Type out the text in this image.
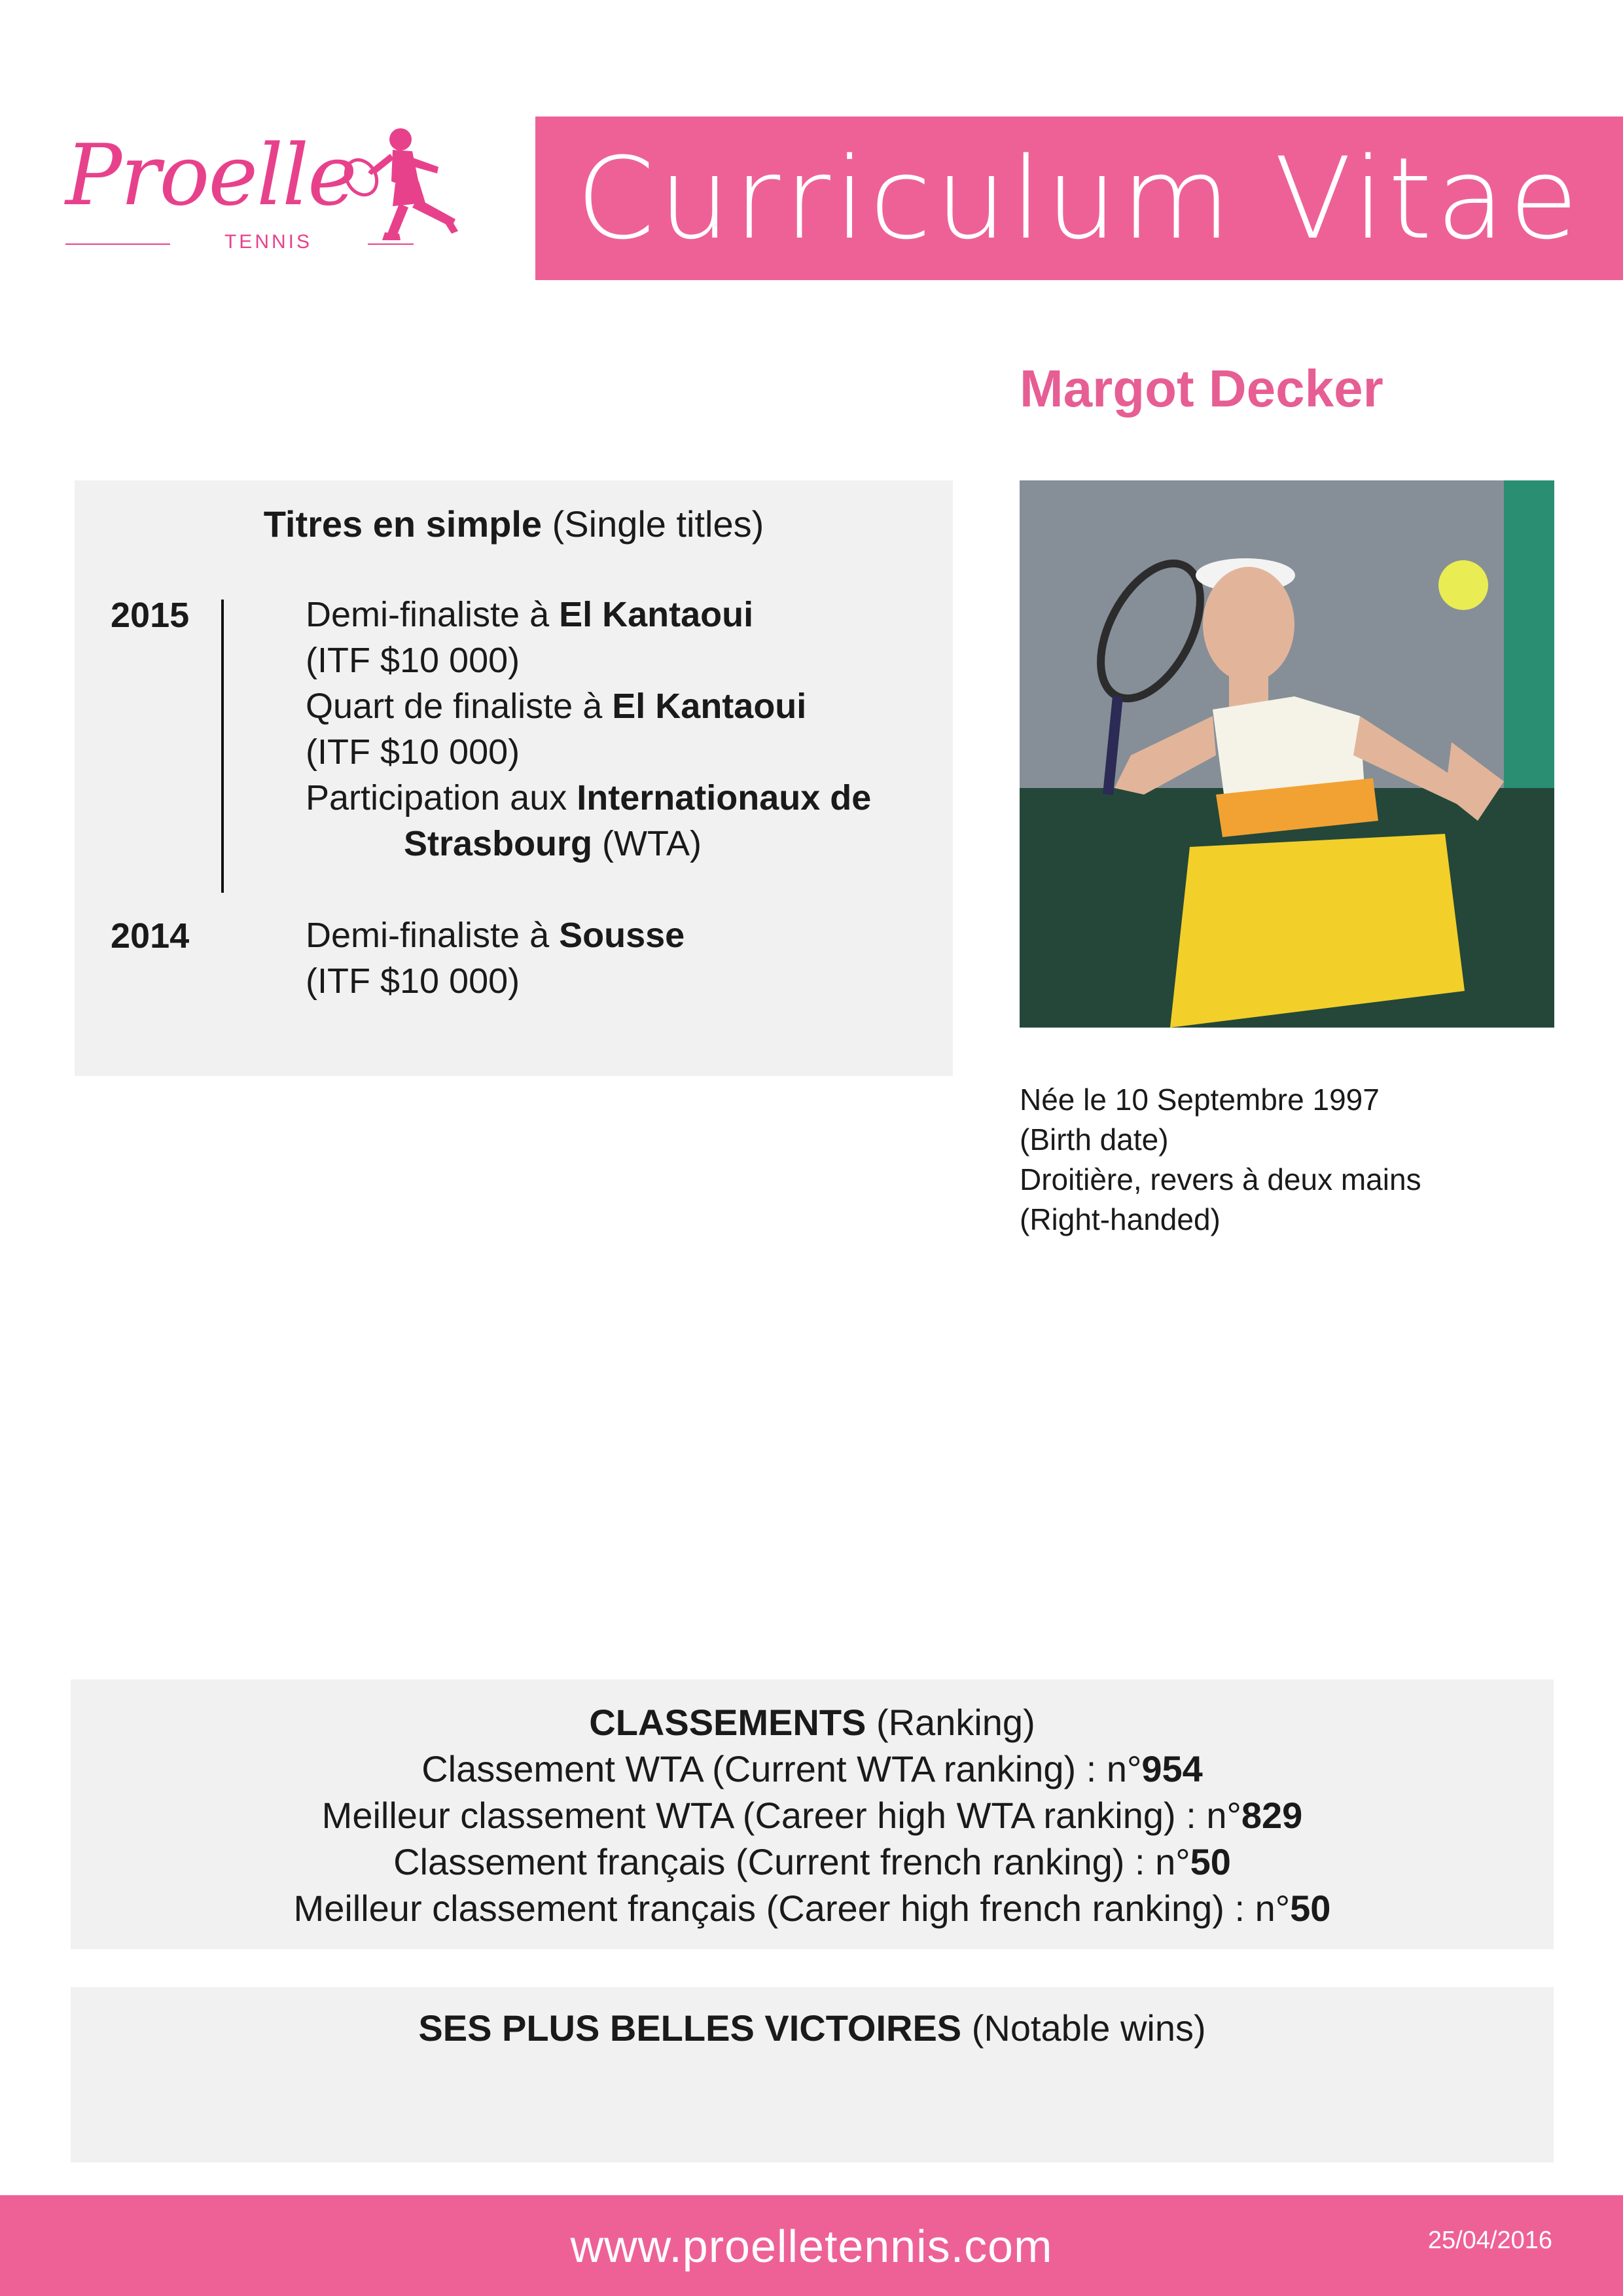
Proelle
TENNIS	Curriculum Vitae
Margot Decker
Titres en simple (Single titles)
2015	Demi-finaliste à El Kantaoui
(ITF $10 000)
Quart de finaliste à El Kantaoui
(ITF $10 000)
Participation aux Internationaux de
Strasbourg (WTA)
2014	Demi-finaliste à Sousse
(ITF $10 000)
Née le 10 Septembre 1997
(Birth date)
Droitière, revers à deux mains
(Right-handed)
CLASSEMENTS (Ranking)
Classement WTA (Current WTA ranking) : n°954
Meilleur classement WTA (Career high WTA ranking) : n°829
Classement français (Current french ranking) : n°50
Meilleur classement français (Career high french ranking) : n°50
SES PLUS BELLES VICTOIRES (Notable wins)
www.proelletennis.com	25/04/2016
